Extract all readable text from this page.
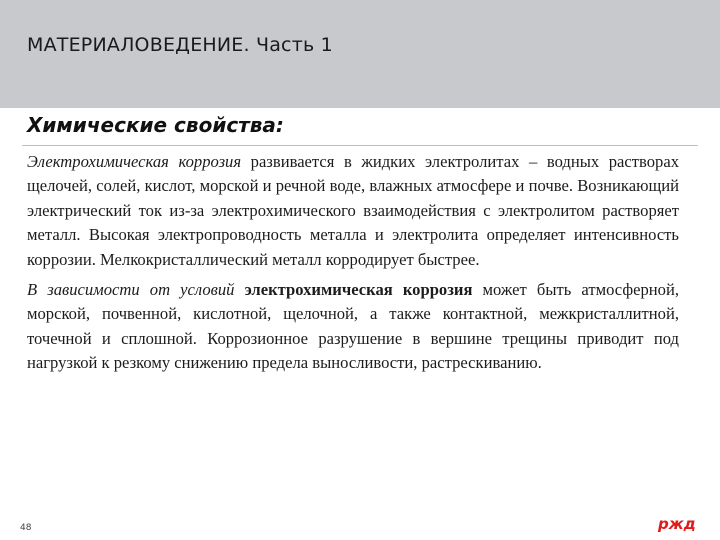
МАТЕРИАЛОВЕДЕНИЕ. Часть 1
Химические свойства:

Электрохимическая коррозия развивается в жидких электролитах – водных растворах щелочей, солей, кислот, морской и речной воде, влажных атмосфере и почве. Возникающий электрический ток из-за электрохимического взаимодействия с электролитом растворяет металл. Высокая электропроводность металла и электролита определяет интенсивность коррозии. Мелкокристаллический металл корродирует быстрее.

В зависимости от условий электрохимическая коррозия может быть атмосферной, морской, почвенной, кислотной, щелочной, а также контактной, межкристаллитной, точечной и сплошной. Коррозионное разрушение в вершине трещины приводит под нагрузкой к резкому снижению предела выносливости, растрескиванию.

48	ржд
